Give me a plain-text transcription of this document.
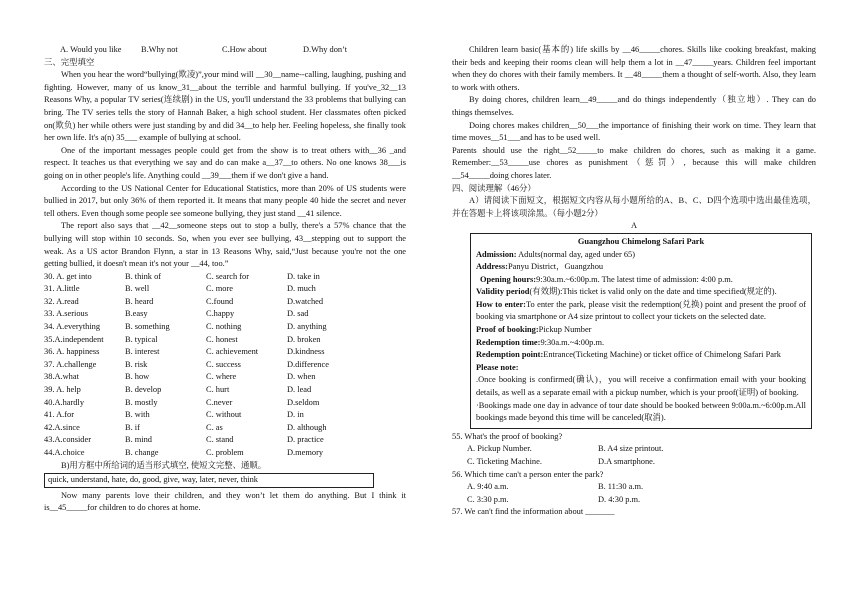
A. Would you like	B.Why not	C.How about	D.Why don’t

三、完型填空

When you hear the word“bullying(欺凌)”,your mind will __30__name--calling, laughing, pushing and fighting. However, many of us know_31__about the terrible and harmful bullying. If you've_32__13 Reasons Why, a popular TV series(连续剧) in the US, you'll understand the 33 problems that bullying can bring. The TV series tells the story of Hannah Baker, a high school student. Her classmates often picked on(欺负) her while others were just standing by and did 34__to help her. Feeling hopeless, she finally took her own life. It's a(n) 35___ example of bullying at school.

One of the important messages people could get from the show is to treat others with__36 _and respect. It teaches us that everything we say and do can make a__37__to others. No one knows 38___is going on in other people's life. Anything could __39___them if we don't give a hand.

According to the US National Center for Educational Statistics, more than 20% of US students were bullied in 2017, but only 36% of them reported it. It means that many people 40 hide the secret and never tell others. Even though some people see someone bullying, they just stand __41 silence.

The report also says that __42__someone steps out to stop a bully, there's a 57% chance that the bullying will stop within 10 seconds. So, when you ever see bullying, 43__stepping out to support the weak. As a US actor Brandon Flynn, a star in 13 Reasons Why, said,“Just because you're not the one getting bullied, it doesn't mean it's not your __44, too.”

30. A. get into	B. think of	C. search for	D. take in
31. A.little	B. well	C. more	D. much
32. A.read	B. heard	C.found	D.watched
33. A.serious	B.easy	C.happy	D. sad
34. A.everything	B. something	C. nothing	D. anything
35.A.independent	B. typical	C. honest	D. broken
36. A. happiness	B. interest	C. achievement	D.kindness
37. A.challenge	B. risk	C. success	D.difference
38.A.what	B. how	C. where	D. when
39. A. help	B. develop	C. hurt	D. lead
40.A.hardly	B. mostly	C.never	D.seldom
41. A.for	B. with	C. without	D. in
42.A.since	B. if	C. as	D. although
43.A.consider	B. mind	C. stand	D. practice
44.A.choice	B. change	C. problem	D.memory

B)用方框中所给词的适当形式填空, 使短文完整、通顺。

quick, understand, hate, do, good, give, way, later, never, think

Now many parents love their children, and they won’t let them do anything. But I think it is__45_____for children to do chores at home.

Children learn basic(基本的) life skills by __46_____chores. Skills like cooking breakfast, making their beds and keeping their rooms clean will help them a lot in __47_____years. Children feel important when they do chores with their family members. It __48_____them a thought of self-worth. Also, they learn to work with others.

By doing chores, children learn__49_____and do things independently（独立地）. They can do things themselves.

Doing chores makes children__50___the importance of finishing their work on time. They learn that time moves__51___and has to be used well.

Parents should use the right__52_____to make children do chores, such as making it a game. Remember:__53_____use chores as punishment（惩罚）, because this will make children __54_____doing chores later.

四、阅读理解（46分）

A）请阅读下面短文，根据短文内容从每小题所给的A、B、C、D四个选项中选出最佳选项，并在答题卡上将该项涂黑。（每小题2分）

A

Guangzhou Chimelong Safari Park

Admission: Adults(normal day, aged under 65)

Address:Panyu District，Guangzhou

Opening hours:9:30a.m.~6:00p.m. The latest time of admission: 4:00 p.m.

Validity period(有效期):This ticket is valid only on the date and time specified(规定的).

How to enter:To enter the park, please visit the redemption(兑换) point and present the proof of booking via smartphone or A4 size printout to collect your tickets on the selected date.

Proof of booking:Pickup Number

Redemption time:9:30a.m.~4:00p.m.

Redemption point:Entrance(Ticketing Machine) or ticket office of Chimelong Safari Park

Please note:

.Once booking is confirmed(确认)，you will receive a confirmation email with your booking details, as well as a separate email with a pickup number, which is your proof(证明) of booking.

·Bookings made one day in advance of tour date should be booked between 9:00a.m.~6:00p.m.All bookings made beyond this time will be canceled(取消).

55. What's the proof of booking?

A. Pickup Number.	B. A4 size printout.
C. Ticketing Machine.	D.A smartphone.

56. Which time can't a person enter the park?

A. 9:40 a.m.	B. 11:30 a.m.
C. 3:30 p.m.	D. 4:30 p.m.

57. We can't find the information about _______
